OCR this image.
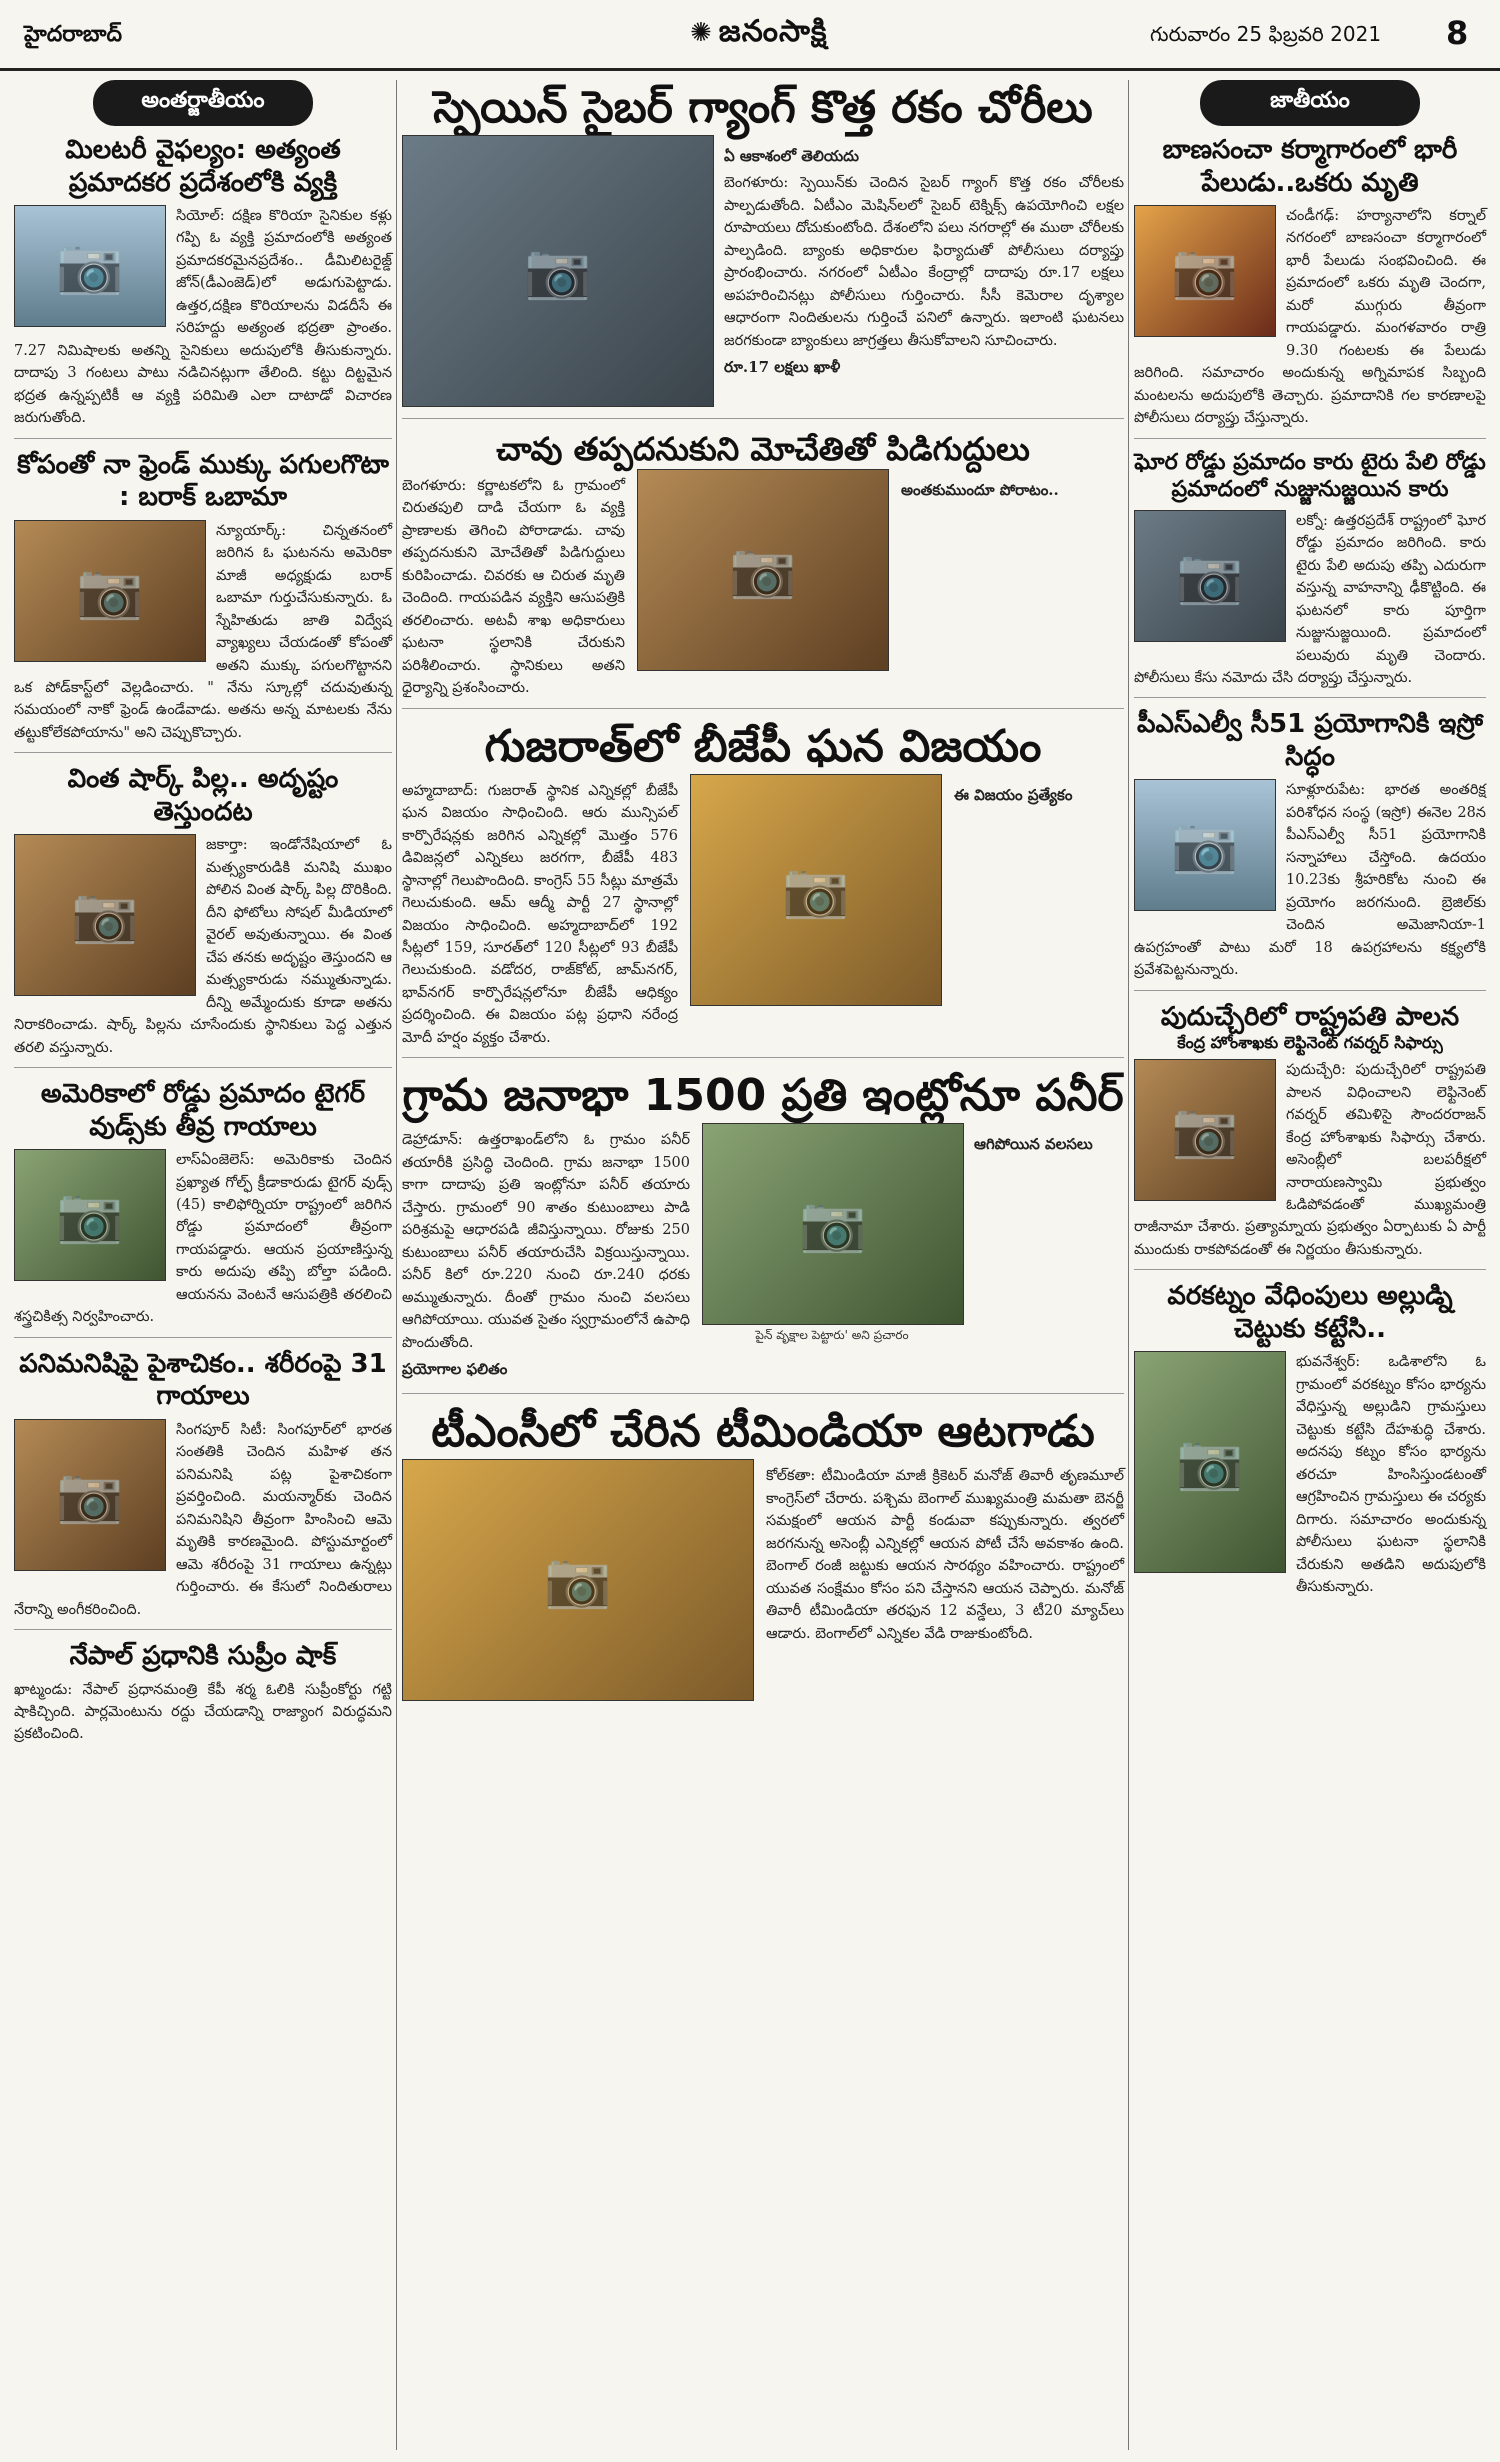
హైదరాబాద్	✺ జనంసాక్షి	గురువారం 25 ఫిబ్రవరి 2021 8
అంతర్జాతీయం
మిలటరీ వైఫల్యం: అత్యంత ప్రమాదకర ప్రదేశంలోకి వ్యక్తి
📷
సియోల్: దక్షిణ కొరియా సైనికుల కళ్లు గప్పి ఓ వ్యక్తి ప్రమాదంలోకి అత్యంత ప్రమాదకరమైనప్రదేశం.. డీమిలిటరైజ్డ్ జోన్(డీఎంజెడ్)లో అడుగుపెట్టాడు. ఉత్తర,దక్షిణ కొరియాలను విడదీసే ఈ సరిహద్దు అత్యంత భద్రతా ప్రాంతం. 7.27 నిమిషాలకు అతన్ని సైనికులు అదుపులోకి తీసుకున్నారు. దాదాపు 3 గంటలు పాటు నడిచినట్లుగా తేలింది. కట్టు దిట్టమైన భద్రత ఉన్నప్పటికీ ఆ వ్యక్తి పరిమితి ఎలా దాటాడో విచారణ జరుగుతోంది.
కోపంతో నా ఫ్రెండ్ ముక్కు పగులగొటా : బరాక్ ఒబామా
📷
న్యూయార్క్: చిన్నతనంలో జరిగిన ఓ ఘటనను అమెరికా మాజీ అధ్యక్షుడు బరాక్ ఒబామా గుర్తుచేసుకున్నారు. ఓ స్నేహితుడు జాతి విద్వేష వ్యాఖ్యలు చేయడంతో కోపంతో అతని ముక్కు పగులగొట్టానని ఒక పోడ్‌కాస్ట్‌లో వెల్లడించారు. " నేను స్కూల్లో చదువుతున్న సమయంలో నాకో ఫ్రెండ్ ఉండేవాడు. అతను అన్న మాటలకు నేను తట్టుకోలేకపోయాను" అని చెప్పుకొచ్చారు.
వింత షార్క్ పిల్ల.. అదృష్టం తెస్తుందట
📷
జకార్తా: ఇండోనేషియాలో ఓ మత్స్యకారుడికి మనిషి ముఖం పోలిన వింత షార్క్ పిల్ల దొరికింది. దీని ఫోటోలు సోషల్ మీడియాలో వైరల్ అవుతున్నాయి. ఈ వింత చేప తనకు అదృష్టం తెస్తుందని ఆ మత్స్యకారుడు నమ్ముతున్నాడు. దీన్ని అమ్మేందుకు కూడా అతను నిరాకరించాడు. షార్క్ పిల్లను చూసేందుకు స్థానికులు పెద్ద ఎత్తున తరలి వస్తున్నారు.
అమెరికాలో రోడ్డు ప్రమాదం టైగర్ వుడ్స్‌కు తీవ్ర గాయాలు
📷
లాస్ఏంజెలెస్: అమెరికాకు చెందిన ప్రఖ్యాత గోల్ఫ్ క్రీడాకారుడు టైగర్ వుడ్స్ (45) కాలిఫోర్నియా రాష్ట్రంలో జరిగిన రోడ్డు ప్రమాదంలో తీవ్రంగా గాయపడ్డారు. ఆయన ప్రయాణిస్తున్న కారు అదుపు తప్పి బోల్తా పడింది. ఆయనను వెంటనే ఆసుపత్రికి తరలించి శస్త్రచికిత్స నిర్వహించారు.
పనిమనిషిపై పైశాచికం.. శరీరంపై 31 గాయాలు
📷
సింగపూర్ సిటీ: సింగపూర్‌లో భారత సంతతికి చెందిన మహిళ తన పనిమనిషి పట్ల పైశాచికంగా ప్రవర్తించింది. మయన్మార్‌కు చెందిన పనిమనిషిని తీవ్రంగా హింసించి ఆమె మృతికి కారణమైంది. పోస్టుమార్టంలో ఆమె శరీరంపై 31 గాయాలు ఉన్నట్లు గుర్తించారు. ఈ కేసులో నిందితురాలు నేరాన్ని అంగీకరించింది.
నేపాల్ ప్రధానికి సుప్రీం షాక్
ఖాట్మండు: నేపాల్ ప్రధానమంత్రి కేపీ శర్మ ఓలికి సుప్రీంకోర్టు గట్టి షాకిచ్చింది. పార్లమెంటును రద్దు చేయడాన్ని రాజ్యాంగ విరుద్ధమని ప్రకటించింది.
స్పెయిన్ సైబర్ గ్యాంగ్ కొత్త రకం చోరీలు
📷
ఏ ఆకాశంలో తెలియదు
బెంగళూరు: స్పెయిన్‌కు చెందిన సైబర్ గ్యాంగ్ కొత్త రకం చోరీలకు పాల్పడుతోంది. ఏటీఎం మెషిన్‌లలో సైబర్ టెక్నిక్స్ ఉపయోగించి లక్షల రూపాయలు దోచుకుంటోంది. దేశంలోని పలు నగరాల్లో ఈ ముఠా చోరీలకు పాల్పడింది. బ్యాంకు అధికారుల ఫిర్యాదుతో పోలీసులు దర్యాప్తు ప్రారంభించారు. నగరంలో ఏటీఎం కేంద్రాల్లో దాదాపు రూ.17 లక్షలు అపహరించినట్లు పోలీసులు గుర్తించారు. సీసీ కెమెరాల దృశ్యాల ఆధారంగా నిందితులను గుర్తించే పనిలో ఉన్నారు. ఇలాంటి ఘటనలు జరగకుండా బ్యాంకులు జాగ్రత్తలు తీసుకోవాలని సూచించారు.
రూ.17 లక్షలు ఖాళీ
చావు తప్పదనుకుని మోచేతితో పిడిగుద్దులు
బెంగళూరు: కర్ణాటకలోని ఓ గ్రామంలో చిరుతపులి దాడి చేయగా ఓ వ్యక్తి ప్రాణాలకు తెగించి పోరాడాడు. చావు తప్పదనుకుని మోచేతితో పిడిగుద్దులు కురిపించాడు. చివరకు ఆ చిరుత మృతి చెందింది. గాయపడిన వ్యక్తిని ఆసుపత్రికి తరలించారు. అటవీ శాఖ అధికారులు ఘటనా స్థలానికి చేరుకుని పరిశీలించారు. స్థానికులు అతని ధైర్యాన్ని ప్రశంసించారు.
📷
అంతకుముందూ పోరాటం..
గుజరాత్‌లో బీజేపీ ఘన విజయం
అహ్మదాబాద్: గుజరాత్ స్థానిక ఎన్నికల్లో బీజేపీ ఘన విజయం సాధించింది. ఆరు మున్సిపల్ కార్పొరేషన్లకు జరిగిన ఎన్నికల్లో మొత్తం 576 డివిజన్లలో ఎన్నికలు జరగగా, బీజేపీ 483 స్థానాల్లో గెలుపొందింది. కాంగ్రెస్ 55 సీట్లు మాత్రమే గెలుచుకుంది. ఆమ్ ఆద్మీ పార్టీ 27 స్థానాల్లో విజయం సాధించింది. అహ్మదాబాద్‌లో 192 సీట్లలో 159, సూరత్‌లో 120 సీట్లలో 93 బీజేపీ గెలుచుకుంది. వడోదర, రాజ్‌కోట్, జామ్‌నగర్, భావ్‌నగర్ కార్పొరేషన్లలోనూ బీజేపీ ఆధిక్యం ప్రదర్శించింది. ఈ విజయం పట్ల ప్రధాని నరేంద్ర మోదీ హర్షం వ్యక్తం చేశారు.
📷
ఈ విజయం ప్రత్యేకం
గ్రామ జనాభా 1500 ప్రతి ఇంట్లోనూ పనీర్
డెహ్రాడూన్: ఉత్తరాఖండ్‌లోని ఓ గ్రామం పనీర్ తయారీకి ప్రసిద్ధి చెందింది. గ్రామ జనాభా 1500 కాగా దాదాపు ప్రతి ఇంట్లోనూ పనీర్ తయారు చేస్తారు. గ్రామంలో 90 శాతం కుటుంబాలు పాడి పరిశ్రమపై ఆధారపడి జీవిస్తున్నాయి. రోజుకు 250 కుటుంబాలు పనీర్ తయారుచేసి విక్రయిస్తున్నాయి. పనీర్ కిలో రూ.220 నుంచి రూ.240 ధరకు అమ్ముతున్నారు. దీంతో గ్రామం నుంచి వలసలు ఆగిపోయాయి. యువత సైతం స్వగ్రామంలోనే ఉపాధి పొందుతోంది.
ప్రయోగాల ఫలితం
📷
పైన్ వృక్షాల పెట్టారు' అని ప్రచారం
ఆగిపోయిన వలసలు
టీఎంసీలో చేరిన టీమిండియా ఆటగాడు
📷
కోల్‌కతా: టీమిండియా మాజీ క్రికెటర్ మనోజ్ తివారీ తృణమూల్ కాంగ్రెస్‌లో చేరారు. పశ్చిమ బెంగాల్ ముఖ్యమంత్రి మమతా బెనర్జీ సమక్షంలో ఆయన పార్టీ కండువా కప్పుకున్నారు. త్వరలో జరగనున్న అసెంబ్లీ ఎన్నికల్లో ఆయన పోటీ చేసే అవకాశం ఉంది. బెంగాల్ రంజీ జట్టుకు ఆయన సారథ్యం వహించారు. రాష్ట్రంలో యువత సంక్షేమం కోసం పని చేస్తానని ఆయన చెప్పారు. మనోజ్ తివారీ టీమిండియా తరఫున 12 వన్డేలు, 3 టీ20 మ్యాచ్‌లు ఆడారు. బెంగాల్‌లో ఎన్నికల వేడి రాజుకుంటోంది.
జాతీయం
బాణసంచా కర్మాగారంలో భారీ పేలుడు..ఒకరు మృతి
📷
చండీగఢ్: హర్యానాలోని కర్నాల్ నగరంలో బాణసంచా కర్మాగారంలో భారీ పేలుడు సంభవించింది. ఈ ప్రమాదంలో ఒకరు మృతి చెందగా, మరో ముగ్గురు తీవ్రంగా గాయపడ్డారు. మంగళవారం రాత్రి 9.30 గంటలకు ఈ పేలుడు జరిగింది. సమాచారం అందుకున్న అగ్నిమాపక సిబ్బంది మంటలను అదుపులోకి తెచ్చారు. ప్రమాదానికి గల కారణాలపై పోలీసులు దర్యాప్తు చేస్తున్నారు.
ఘోర రోడ్డు ప్రమాదం కారు టైరు పేలి రోడ్డు ప్రమాదంలో నుజ్జునుజ్జయిన కారు
📷
లక్నో: ఉత్తరప్రదేశ్ రాష్ట్రంలో ఘోర రోడ్డు ప్రమాదం జరిగింది. కారు టైరు పేలి అదుపు తప్పి ఎదురుగా వస్తున్న వాహనాన్ని ఢీకొట్టింది. ఈ ఘటనలో కారు పూర్తిగా నుజ్జునుజ్జయింది. ప్రమాదంలో పలువురు మృతి చెందారు. పోలీసులు కేసు నమోదు చేసి దర్యాప్తు చేస్తున్నారు.
పీఎస్ఎల్వీ సీ51 ప్రయోగానికి ఇస్రో సిద్ధం
📷
సూళ్లూరుపేట: భారత అంతరిక్ష పరిశోధన సంస్థ (ఇస్రో) ఈనెల 28న పీఎస్ఎల్వీ సీ51 ప్రయోగానికి సన్నాహాలు చేస్తోంది. ఉదయం 10.23కు శ్రీహరికోట నుంచి ఈ ప్రయోగం జరగనుంది. బ్రెజిల్‌కు చెందిన అమెజానియా-1 ఉపగ్రహంతో పాటు మరో 18 ఉపగ్రహాలను కక్ష్యలోకి ప్రవేశపెట్టనున్నారు.
పుదుచ్చేరిలో రాష్ట్రపతి పాలన
కేంద్ర హోంశాఖకు లెఫ్టినెంట్ గవర్నర్ సిఫార్సు
📷
పుదుచ్చేరి: పుదుచ్చేరిలో రాష్ట్రపతి పాలన విధించాలని లెఫ్టినెంట్ గవర్నర్ తమిళిసై సౌందరరాజన్ కేంద్ర హోంశాఖకు సిఫార్సు చేశారు. అసెంబ్లీలో బలపరీక్షలో నారాయణస్వామి ప్రభుత్వం ఓడిపోవడంతో ముఖ్యమంత్రి రాజీనామా చేశారు. ప్రత్యామ్నాయ ప్రభుత్వం ఏర్పాటుకు ఏ పార్టీ ముందుకు రాకపోవడంతో ఈ నిర్ణయం తీసుకున్నారు.
వరకట్నం వేధింపులు అల్లుడ్ని చెట్టుకు కట్టేసి..
📷
భువనేశ్వర్: ఒడిశాలోని ఓ గ్రామంలో వరకట్నం కోసం భార్యను వేధిస్తున్న అల్లుడిని గ్రామస్తులు చెట్టుకు కట్టేసి దేహశుద్ధి చేశారు. అదనపు కట్నం కోసం భార్యను తరచూ హింసిస్తుండటంతో ఆగ్రహించిన గ్రామస్తులు ఈ చర్యకు దిగారు. సమాచారం అందుకున్న పోలీసులు ఘటనా స్థలానికి చేరుకుని అతడిని అదుపులోకి తీసుకున్నారు.
